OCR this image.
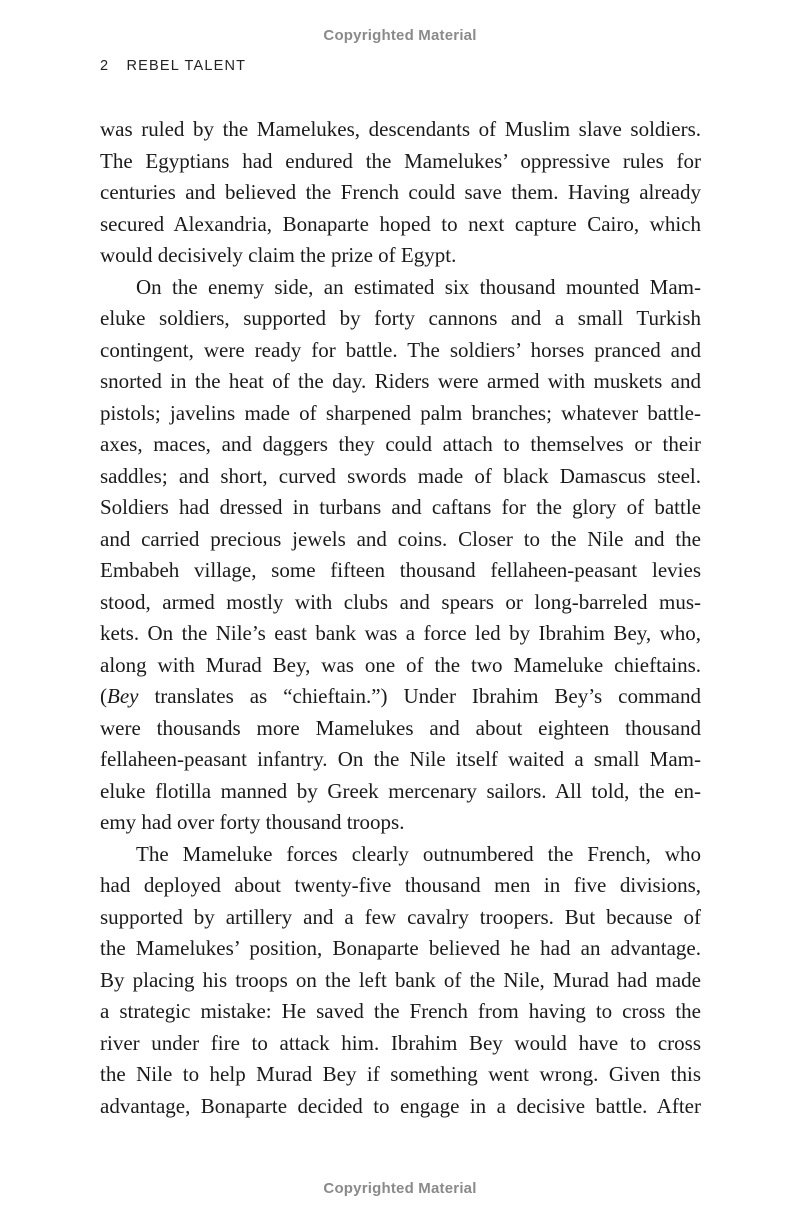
Copyrighted Material
2 REBEL TALENT
was ruled by the Mamelukes, descendants of Muslim slave soldiers.
The Egyptians had endured the Mamelukes’ oppressive rules for
centuries and believed the French could save them. Having already
secured Alexandria, Bonaparte hoped to next capture Cairo, which
would decisively claim the prize of Egypt.
On the enemy side, an estimated six thousand mounted Mam-
eluke soldiers, supported by forty cannons and a small Turkish
contingent, were ready for battle. The soldiers’ horses pranced and
snorted in the heat of the day. Riders were armed with muskets and
pistols; javelins made of sharpened palm branches; whatever battle-
axes, maces, and daggers they could attach to themselves or their
saddles; and short, curved swords made of black Damascus steel.
Soldiers had dressed in turbans and caftans for the glory of battle
and carried precious jewels and coins. Closer to the Nile and the
Embabeh village, some fifteen thousand fellaheen-peasant levies
stood, armed mostly with clubs and spears or long-barreled mus-
kets. On the Nile’s east bank was a force led by Ibrahim Bey, who,
along with Murad Bey, was one of the two Mameluke chieftains.
(Bey translates as “chieftain.”) Under Ibrahim Bey’s command
were thousands more Mamelukes and about eighteen thousand
fellaheen-peasant infantry. On the Nile itself waited a small Mam-
eluke flotilla manned by Greek mercenary sailors. All told, the en-
emy had over forty thousand troops.
The Mameluke forces clearly outnumbered the French, who
had deployed about twenty-five thousand men in five divisions,
supported by artillery and a few cavalry troopers. But because of
the Mamelukes’ position, Bonaparte believed he had an advantage.
By placing his troops on the left bank of the Nile, Murad had made
a strategic mistake: He saved the French from having to cross the
river under fire to attack him. Ibrahim Bey would have to cross
the Nile to help Murad Bey if something went wrong. Given this
advantage, Bonaparte decided to engage in a decisive battle. After
Copyrighted Material
